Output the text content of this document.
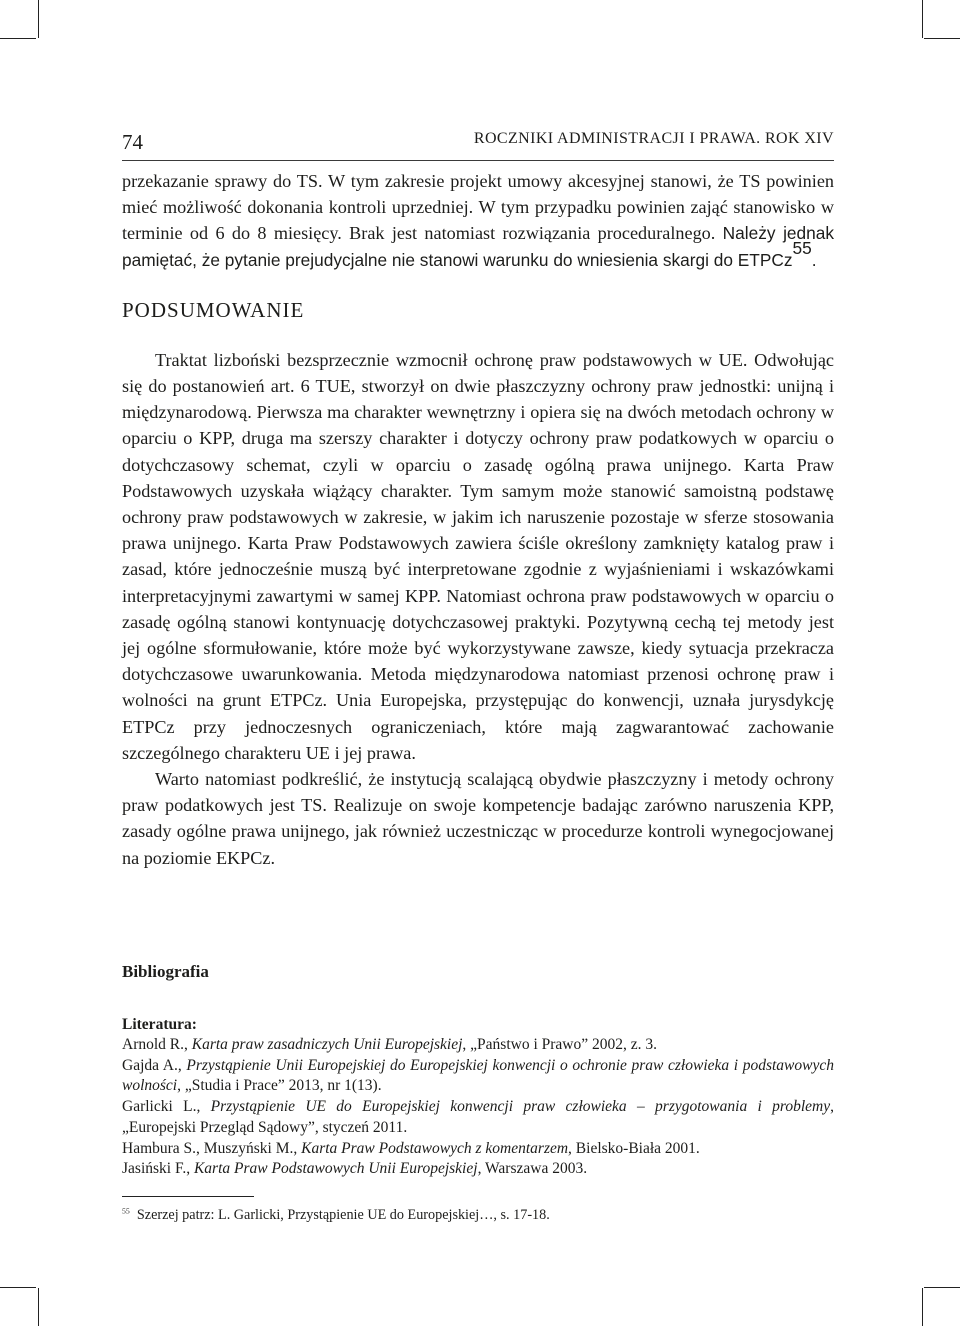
74	ROCZNIKI ADMINISTRACJI I PRAWA. ROK XIV

przekazanie sprawy do TS. W tym zakresie projekt umowy akcesyjnej stanowi, że TS powinien mieć możliwość dokonania kontroli uprzedniej. W tym przypadku powinien zająć stanowisko w terminie od 6 do 8 miesięcy. Brak jest natomiast rozwiązania proceduralnego. Należy jednak pamiętać, że pytanie prejudycjalne nie stanowi warunku do wniesienia skargi do ETPCz$^{55}$.

PODSUMOWANIE

Traktat lizboński bezsprzecznie wzmocnił ochronę praw podstawowych w UE. Odwołując się do postanowień art. 6 TUE, stworzył on dwie płaszczyzny ochrony praw jednostki: unijną i międzynarodową. Pierwsza ma charakter wewnętrzny i opiera się na dwóch metodach ochrony w oparciu o KPP, druga ma szerszy charakter i dotyczy ochrony praw podatkowych w oparciu o dotychczasowy schemat, czyli w oparciu o zasadę ogólną prawa unijnego. Karta Praw Podstawowych uzyskała wiążący charakter. Tym samym może stanowić samoistną podstawę ochrony praw podstawowych w zakresie, w jakim ich naruszenie pozostaje w sferze stosowania prawa unijnego. Karta Praw Podstawowych zawiera ściśle określony zamknięty katalog praw i zasad, które jednocześnie muszą być interpretowane zgodnie z wyjaśnieniami i wskazówkami interpretacyjnymi zawartymi w samej KPP. Natomiast ochrona praw podstawowych w oparciu o zasadę ogólną stanowi kontynuację dotychczasowej praktyki. Pozytywną cechą tej metody jest jej ogólne sformułowanie, które może być wykorzystywane zawsze, kiedy sytuacja przekracza dotychczasowe uwarunkowania. Metoda międzynarodowa natomiast przenosi ochronę praw i wolności na grunt ETPCz. Unia Europejska, przystępując do konwencji, uznała jurysdykcję ETPCz przy jednoczesnych ograniczeniach, które mają zagwarantować zachowanie szczególnego charakteru UE i jej prawa.

Warto natomiast podkreślić, że instytucją scalającą obydwie płaszczyzny i metody ochrony praw podatkowych jest TS. Realizuje on swoje kompetencje badając zarówno naruszenia KPP, zasady ogólne prawa unijnego, jak również uczestnicząc w procedurze kontroli wynegocjowanej na poziomie EKPCz.

Bibliografia
Literatura:

Arnold R., Karta praw zasadniczych Unii Europejskiej, „Państwo i Prawo” 2002, z. 3.

Gajda A., Przystąpienie Unii Europejskiej do Europejskiej konwencji o ochronie praw człowieka i podstawowych wolności, „Studia i Prace” 2013, nr 1(13).

Garlicki L., Przystąpienie UE do Europejskiej konwencji praw człowieka – przygotowania i problemy, „Europejski Przegląd Sądowy”, styczeń 2011.

Hambura S., Muszyński M., Karta Praw Podstawowych z komentarzem, Bielsko-Biała 2001.

Jasiński F., Karta Praw Podstawowych Unii Europejskiej, Warszawa 2003.

$^{55}$ Szerzej patrz: L. Garlicki, Przystąpienie UE do Europejskiej…, s. 17-18.
